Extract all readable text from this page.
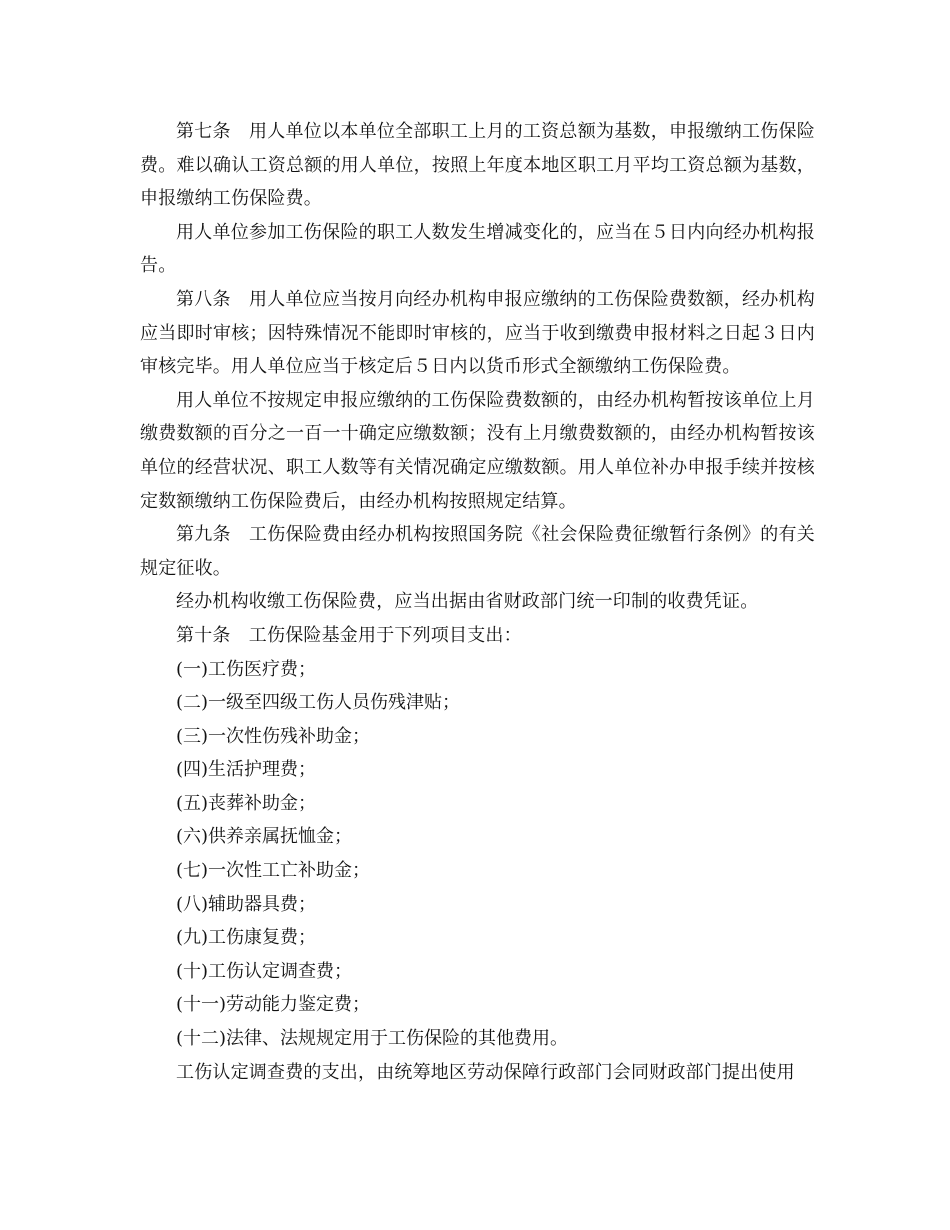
第七条　用人单位以本单位全部职工上月的工资总额为基数，申报缴纳工伤保险费。难以确认工资总额的用人单位，按照上年度本地区职工月平均工资总额为基数，申报缴纳工伤保险费。

用人单位参加工伤保险的职工人数发生增减变化的，应当在５日内向经办机构报告。

第八条　用人单位应当按月向经办机构申报应缴纳的工伤保险费数额，经办机构应当即时审核；因特殊情况不能即时审核的，应当于收到缴费申报材料之日起３日内审核完毕。用人单位应当于核定后５日内以货币形式全额缴纳工伤保险费。

用人单位不按规定申报应缴纳的工伤保险费数额的，由经办机构暂按该单位上月缴费数额的百分之一百一十确定应缴数额；没有上月缴费数额的，由经办机构暂按该单位的经营状况、职工人数等有关情况确定应缴数额。用人单位补办申报手续并按核定数额缴纳工伤保险费后，由经办机构按照规定结算。

第九条　工伤保险费由经办机构按照国务院《社会保险费征缴暂行条例》的有关规定征收。

经办机构收缴工伤保险费，应当出据由省财政部门统一印制的收费凭证。

第十条　工伤保险基金用于下列项目支出：

(一)工伤医疗费；

(二)一级至四级工伤人员伤残津贴；

(三)一次性伤残补助金；

(四)生活护理费；

(五)丧葬补助金；

(六)供养亲属抚恤金；

(七)一次性工亡补助金；

(八)辅助器具费；

(九)工伤康复费；

(十)工伤认定调查费；

(十一)劳动能力鉴定费；

(十二)法律、法规规定用于工伤保险的其他费用。

工伤认定调查费的支出，由统筹地区劳动保障行政部门会同财政部门提出使用
